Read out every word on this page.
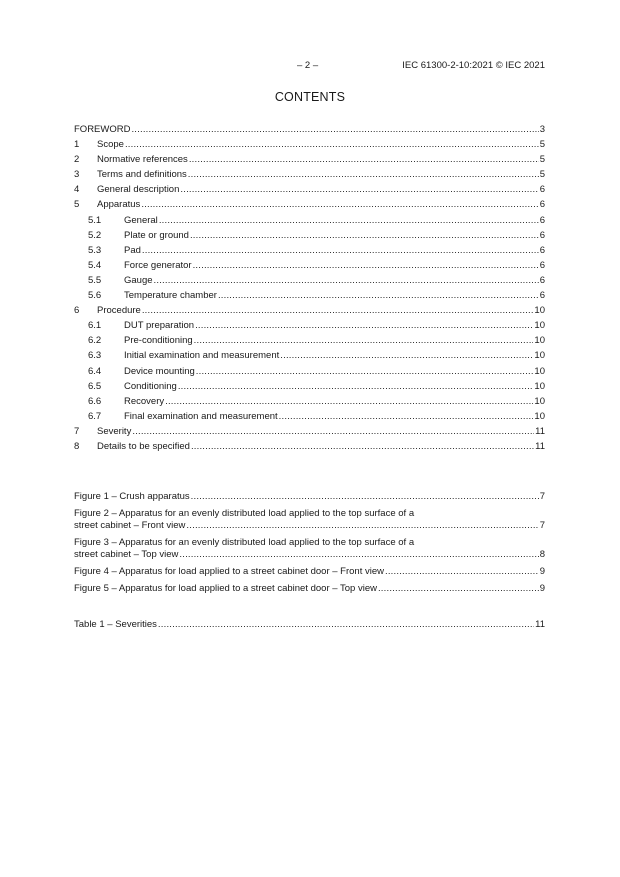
– 2 –	IEC 61300-2-10:2021 © IEC 2021
CONTENTS
FOREWORD .....	3
1	Scope .....	5
2	Normative references .....	5
3	Terms and definitions .....	5
4	General description .....	6
5	Apparatus .....	6
5.1 General .....	6
5.2 Plate or ground .....	6
5.3 Pad .....	6
5.4 Force generator .....	6
5.5 Gauge .....	6
5.6 Temperature chamber .....	6
6	Procedure .....	10
6.1 DUT preparation .....	10
6.2 Pre-conditioning .....	10
6.3 Initial examination and measurement .....	10
6.4 Device mounting .....	10
6.5 Conditioning .....	10
6.6 Recovery .....	10
6.7 Final examination and measurement .....	10
7	Severity .....	11
8	Details to be specified .....	11
Figure 1 – Crush apparatus .....	7
Figure 2 – Apparatus for an evenly distributed load applied to the top surface of a
street cabinet – Front view .....	7
Figure 3 – Apparatus for an evenly distributed load applied to the top surface of a
street cabinet – Top view .....	8
Figure 4 – Apparatus for load applied to a street cabinet door – Front view .....	9
Figure 5 – Apparatus for load applied to a street cabinet door – Top view .....	9
Table 1 – Severities .....	11
